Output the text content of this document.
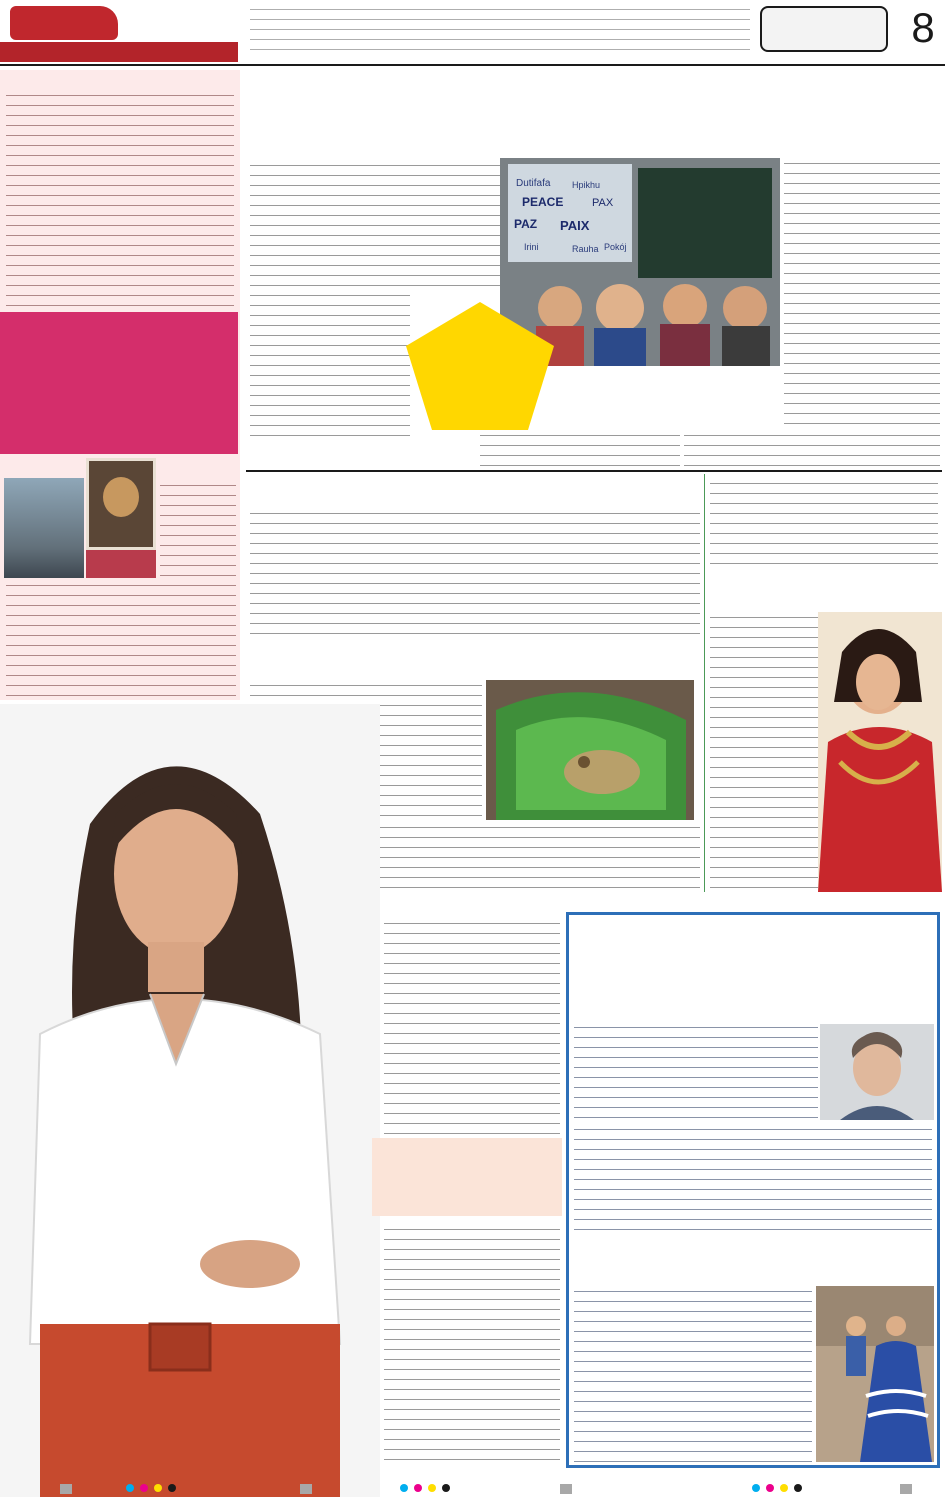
8
Dutifafa Hpikhu
PEACE	PAX
PAZ PAIX
Irini	Rauha Pokój
